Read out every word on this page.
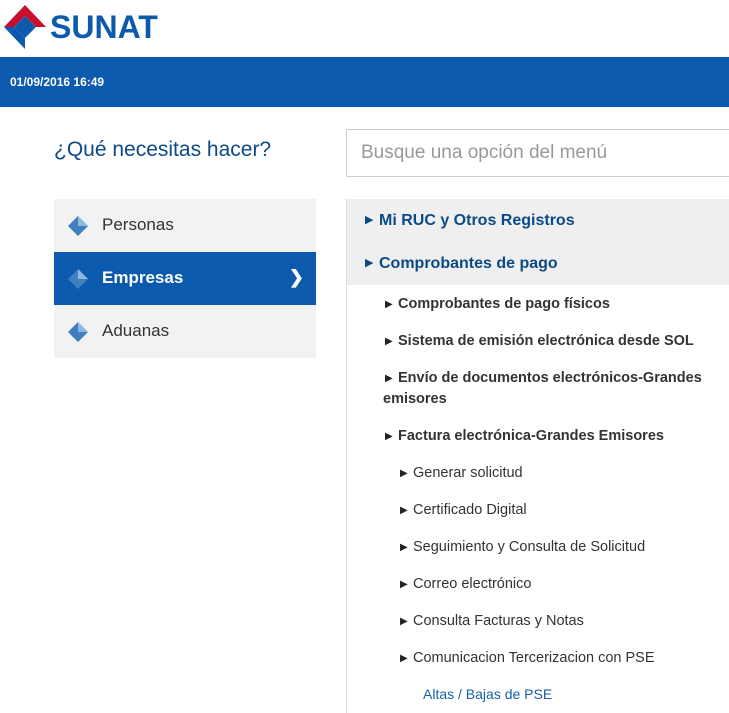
SUNAT
01/09/2016 16:49
¿Qué necesitas hacer?
Personas
Empresas	❯
Aduanas
Busque una opción del menú
▶ Mi RUC y Otros Registros
▶ Comprobantes de pago
▶ Comprobantes de pago físicos
▶ Sistema de emisión electrónica desde SOL
▶ Envío de documentos electrónicos-Grandes
emisores
▶ Factura electrónica-Grandes Emisores
▶ Generar solicitud
▶ Certificado Digital
▶ Seguimiento y Consulta de Solicitud
▶ Correo electrónico
▶ Consulta Facturas y Notas
▶ Comunicacion Tercerizacion con PSE
Altas / Bajas de PSE
